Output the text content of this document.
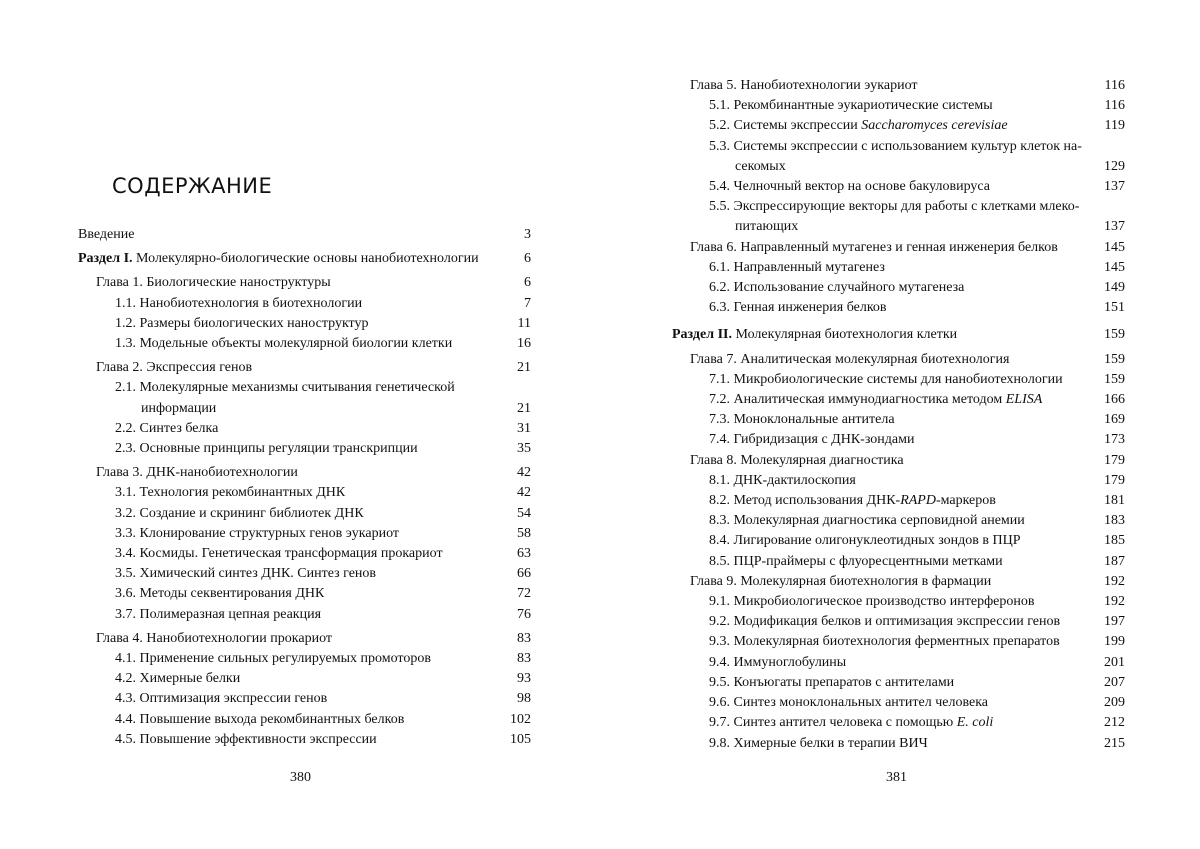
СОДЕРЖАНИЕ
Введение	3
Раздел I. Молекулярно-биологические основы нанобиотехнологии	6
Глава 1. Биологические наноструктуры	6
1.1. Нанобиотехнология в биотехнологии	7
1.2. Размеры биологических наноструктур	11
1.3. Модельные объекты молекулярной биологии клетки	16
Глава 2. Экспрессия генов	21
2.1. Молекулярные механизмы считывания генетической
информации	21
2.2. Синтез белка	31
2.3. Основные принципы регуляции транскрипции	35
Глава 3. ДНК-нанобиотехнологии	42
3.1. Технология рекомбинантных ДНК	42
3.2. Создание и скрининг библиотек ДНК	54
3.3. Клонирование структурных генов эукариот	58
3.4. Космиды. Генетическая трансформация прокариот	63
3.5. Химический синтез ДНК. Синтез генов	66
3.6. Методы секвентирования ДНК	72
3.7. Полимеразная цепная реакция	76
Глава 4. Нанобиотехнологии прокариот	83
4.1. Применение сильных регулируемых промоторов	83
4.2. Химерные белки	93
4.3. Оптимизация экспрессии генов	98
4.4. Повышение выхода рекомбинантных белков	102
4.5. Повышение эффективности экспрессии	105
380
Глава 5. Нанобиотехнологии эукариот	116
5.1. Рекомбинантные эукариотические системы	116
5.2. Системы экспрессии Saccharomyces cerevisiae	119
5.3. Системы экспрессии с использованием культур клеток на-
секомых	129
5.4. Челночный вектор на основе бакуловируса	137
5.5. Экспрессирующие векторы для работы с клетками млеко-
питающих	137
Глава 6. Направленный мутагенез и генная инженерия белков	145
6.1. Направленный мутагенез	145
6.2. Использование случайного мутагенеза	149
6.3. Генная инженерия белков	151
Раздел II. Молекулярная биотехнология клетки	159
Глава 7. Аналитическая молекулярная биотехнология	159
7.1. Микробиологические системы для нанобиотехнологии	159
7.2. Аналитическая иммунодиагностика методом ELISA	166
7.3. Моноклональные антитела	169
7.4. Гибридизация с ДНК-зондами	173
Глава 8. Молекулярная диагностика	179
8.1. ДНК-дактилоскопия	179
8.2. Метод использования ДНК-RAPD-маркеров	181
8.3. Молекулярная диагностика серповидной анемии	183
8.4. Лигирование олигонуклеотидных зондов в ПЦР	185
8.5. ПЦР-праймеры с флуоресцентными метками	187
Глава 9. Молекулярная биотехнология в фармации	192
9.1. Микробиологическое производство интерферонов	192
9.2. Модификация белков и оптимизация экспрессии генов	197
9.3. Молекулярная биотехнология ферментных препаратов	199
9.4. Иммуноглобулины	201
9.5. Конъюгаты препаратов с антителами	207
9.6. Синтез моноклональных антител человека	209
9.7. Синтез антител человека с помощью E. coli	212
9.8. Химерные белки в терапии ВИЧ	215
381
